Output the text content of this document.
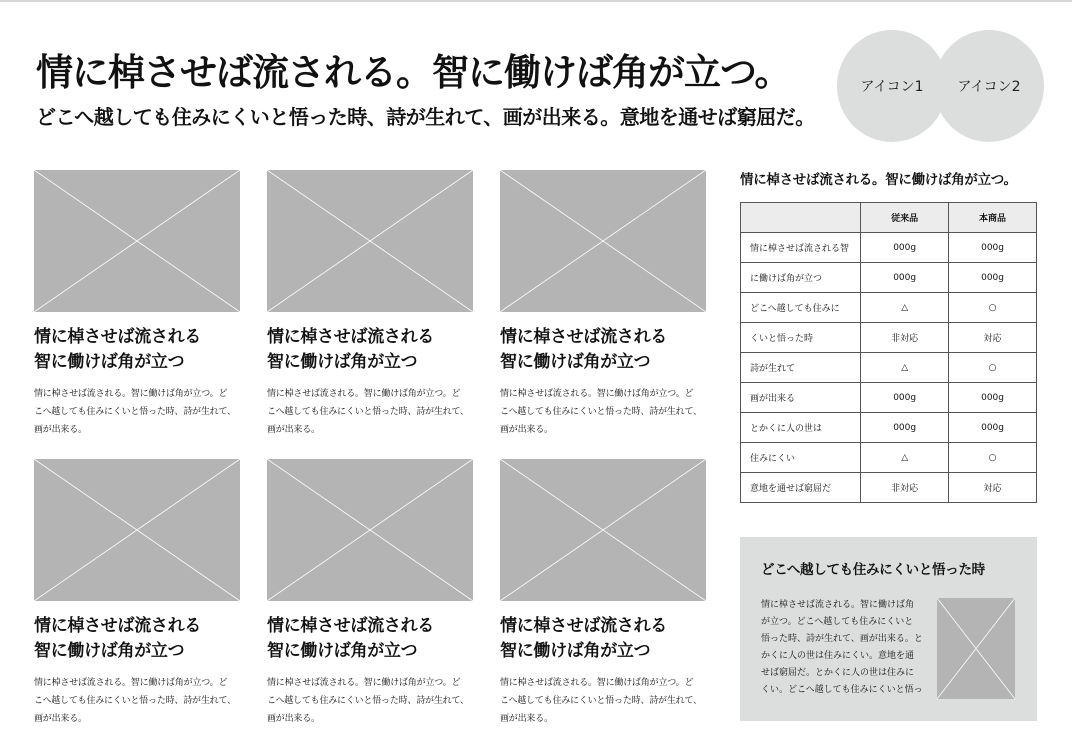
情に棹させば流される。智に働けば角が立つ。
どこへ越しても住みにくいと悟った時、詩が生れて、画が出来る。意地を通せば窮屈だ。
アイコン1 アイコン2
情に棹させば流される
智に働けば角が立つ
情に棹させば流される。智に働けば角が立つ。ど
こへ越しても住みにくいと悟った時、詩が生れて、
画が出来る。
情に棹させば流される
智に働けば角が立つ
情に棹させば流される。智に働けば角が立つ。ど
こへ越しても住みにくいと悟った時、詩が生れて、
画が出来る。
情に棹させば流される
智に働けば角が立つ
情に棹させば流される。智に働けば角が立つ。ど
こへ越しても住みにくいと悟った時、詩が生れて、
画が出来る。
情に棹させば流される
智に働けば角が立つ
情に棹させば流される。智に働けば角が立つ。ど
こへ越しても住みにくいと悟った時、詩が生れて、
画が出来る。
情に棹させば流される
智に働けば角が立つ
情に棹させば流される。智に働けば角が立つ。ど
こへ越しても住みにくいと悟った時、詩が生れて、
画が出来る。
情に棹させば流される
智に働けば角が立つ
情に棹させば流される。智に働けば角が立つ。ど
こへ越しても住みにくいと悟った時、詩が生れて、
画が出来る。
情に棹させば流される。智に働けば角が立つ。
	従来品	本商品
情に棹させば流される智	000g	000g
に働けば角が立つ	000g	000g
どこへ越しても住みに	△	○
くいと悟った時	非対応	対応
詩が生れて	△	○
画が出来る	000g	000g
とかくに人の世は	000g	000g
住みにくい	△	○
意地を通せば窮屈だ	非対応	対応
どこへ越しても住みにくいと悟った時
情に棹させば流される。智に働けば角
が立つ。どこへ越しても住みにくいと
悟った時、詩が生れて、画が出来る。と
かくに人の世は住みにくい。意地を通
せば窮屈だ。とかくに人の世は住みに
くい。どこへ越しても住みにくいと悟っ
